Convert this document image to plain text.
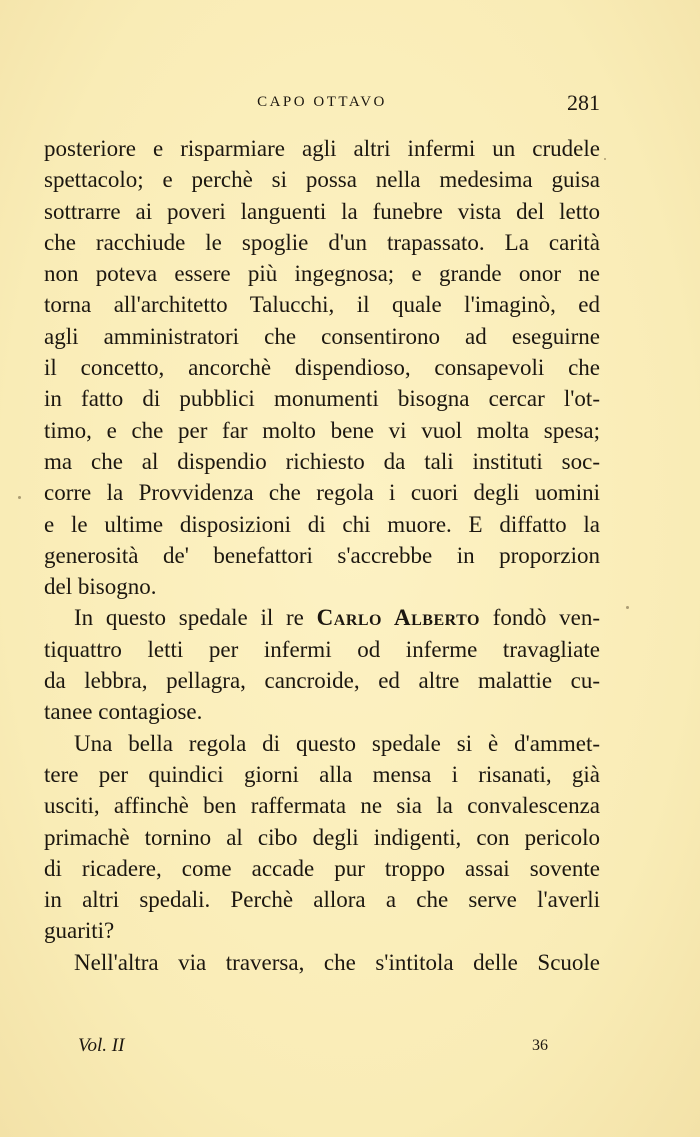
CAPO OTTAVO	281
posteriore e risparmiare agli altri infermi un crudele
spettacolo; e perchè si possa nella medesima guisa
sottrarre ai poveri languenti la funebre vista del letto
che racchiude le spoglie d'un trapassato. La carità
non poteva essere più ingegnosa; e grande onor ne
torna all'architetto Talucchi, il quale l'imaginò, ed
agli amministratori che consentirono ad eseguirne
il concetto, ancorchè dispendioso, consapevoli che
in fatto di pubblici monumenti bisogna cercar l'ot-
timo, e che per far molto bene vi vuol molta spesa;
ma che al dispendio richiesto da tali instituti soc-
corre la Provvidenza che regola i cuori degli uomini
e le ultime disposizioni di chi muore. E diffatto la
generosità de' benefattori s'accrebbe in proporzion
del bisogno.
In questo spedale il re Carlo Alberto fondò ven-
tiquattro letti per infermi od inferme travagliate
da lebbra, pellagra, cancroide, ed altre malattie cu-
tanee contagiose.
Una bella regola di questo spedale si è d'ammet-
tere per quindici giorni alla mensa i risanati, già
usciti, affinchè ben raffermata ne sia la convalescenza
primachè tornino al cibo degli indigenti, con pericolo
di ricadere, come accade pur troppo assai sovente
in altri spedali. Perchè allora a che serve l'averli
guariti?
Nell'altra via traversa, che s'intitola delle Scuole
Vol. II	36
